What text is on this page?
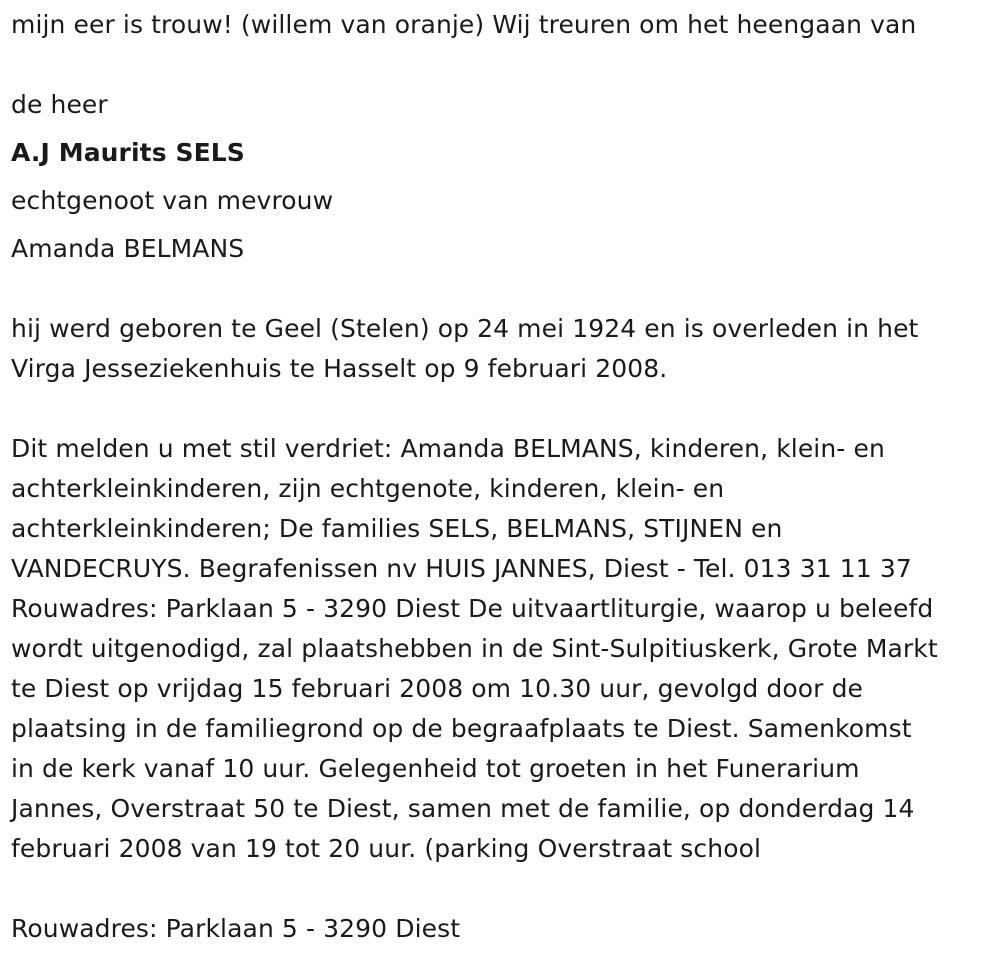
mijn eer is trouw! (willem van oranje) Wij treuren om het heengaan van
de heer
A.J Maurits SELS
echtgenoot van mevrouw
Amanda BELMANS
hij werd geboren te Geel (Stelen) op 24 mei 1924 en is overleden in het
Virga Jesseziekenhuis te Hasselt op 9 februari 2008.
Dit melden u met stil verdriet: Amanda BELMANS, kinderen, klein- en
achterkleinkinderen, zijn echtgenote, kinderen, klein- en
achterkleinkinderen; De families SELS, BELMANS, STIJNEN en
VANDECRUYS. Begrafenissen nv HUIS JANNES, Diest - Tel. 013 31 11 37
Rouwadres: Parklaan 5 - 3290 Diest De uitvaartliturgie, waarop u beleefd
wordt uitgenodigd, zal plaatshebben in de Sint-Sulpitiuskerk, Grote Markt
te Diest op vrijdag 15 februari 2008 om 10.30 uur, gevolgd door de
plaatsing in de familiegrond op de begraafplaats te Diest. Samenkomst
in de kerk vanaf 10 uur. Gelegenheid tot groeten in het Funerarium
Jannes, Overstraat 50 te Diest, samen met de familie, op donderdag 14
februari 2008 van 19 tot 20 uur. (parking Overstraat school
Rouwadres: Parklaan 5 - 3290 Diest
